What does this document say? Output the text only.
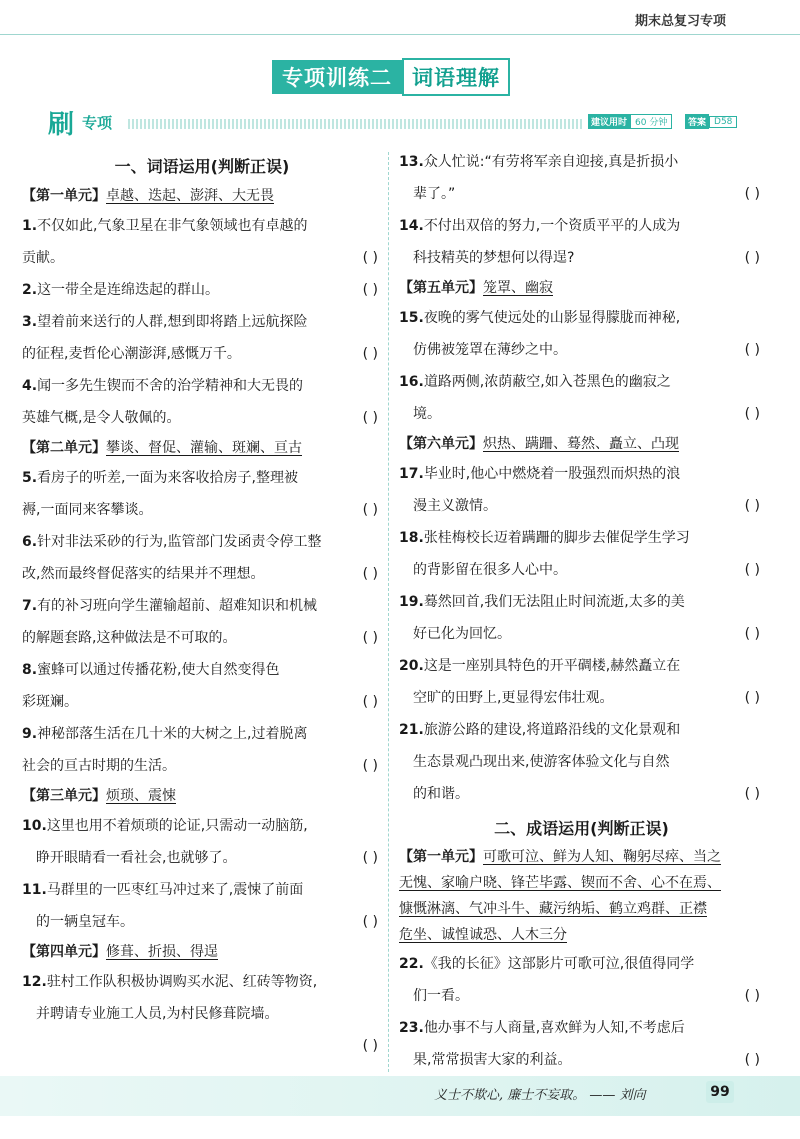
期末总复习专项
专项训练二 词语理解
刷 专项	建议用时 60 分钟	答案 D58
一、词语运用(判断正误)
【第一单元】卓越、迭起、澎湃、大无畏
1.不仅如此,气象卫星在非气象领域也有卓越的
贡献。	( )
2.这一带全是连绵迭起的群山。	( )
3.望着前来送行的人群,想到即将踏上远航探险
的征程,麦哲伦心潮澎湃,感慨万千。	( )
4.闻一多先生锲而不舍的治学精神和大无畏的
英雄气概,是令人敬佩的。	( )
【第二单元】攀谈、督促、灌输、斑斓、亘古
5.看房子的听差,一面为来客收拾房子,整理被
褥,一面同来客攀谈。	( )
6.针对非法采砂的行为,监管部门发函责令停工整
改,然而最终督促落实的结果并不理想。	( )
7.有的补习班向学生灌输超前、超难知识和机械
的解题套路,这种做法是不可取的。	( )
8.蜜蜂可以通过传播花粉,使大自然变得色
彩斑斓。	( )
9.神秘部落生活在几十米的大树之上,过着脱离
社会的亘古时期的生活。	( )
【第三单元】烦琐、震悚
10.这里也用不着烦琐的论证,只需动一动脑筋,
睁开眼睛看一看社会,也就够了。	( )
11.马群里的一匹枣红马冲过来了,震悚了前面
的一辆皇冠车。	( )
【第四单元】修葺、折损、得逞
12.驻村工作队积极协调购买水泥、红砖等物资,
并聘请专业施工人员,为村民修葺院墙。

( )
13.众人忙说:“有劳将军亲自迎接,真是折损小
辈了。”	( )
14.不付出双倍的努力,一个资质平平的人成为
科技精英的梦想何以得逞?	( )
【第五单元】笼罩、幽寂
15.夜晚的雾气使远处的山影显得朦胧而神秘,
仿佛被笼罩在薄纱之中。	( )
16.道路两侧,浓荫蔽空,如入苍黑色的幽寂之
境。	( )
【第六单元】炽热、蹒跚、蓦然、矗立、凸现
17.毕业时,他心中燃烧着一股强烈而炽热的浪
漫主义激情。	( )
18.张桂梅校长迈着蹒跚的脚步去催促学生学习
的背影留在很多人心中。	( )
19.蓦然回首,我们无法阻止时间流逝,太多的美
好已化为回忆。	( )
20.这是一座别具特色的开平碉楼,赫然矗立在
空旷的田野上,更显得宏伟壮观。	( )
21.旅游公路的建设,将道路沿线的文化景观和
生态景观凸现出来,使游客体验文化与自然
的和谐。	( )
二、成语运用(判断正误)
【第一单元】可歌可泣、鲜为人知、鞠躬尽瘁、当之
无愧、家喻户晓、锋芒毕露、锲而不舍、心不在焉、
慷慨淋漓、气冲斗牛、藏污纳垢、鹤立鸡群、正襟
危坐、诚惶诚恐、人木三分
22.《我的长征》这部影片可歌可泣,很值得同学
们一看。	( )
23.他办事不与人商量,喜欢鲜为人知,不考虑后
果,常常损害大家的利益。	( )
义士不欺心, 廉士不妄取。 —— 刘向	99
